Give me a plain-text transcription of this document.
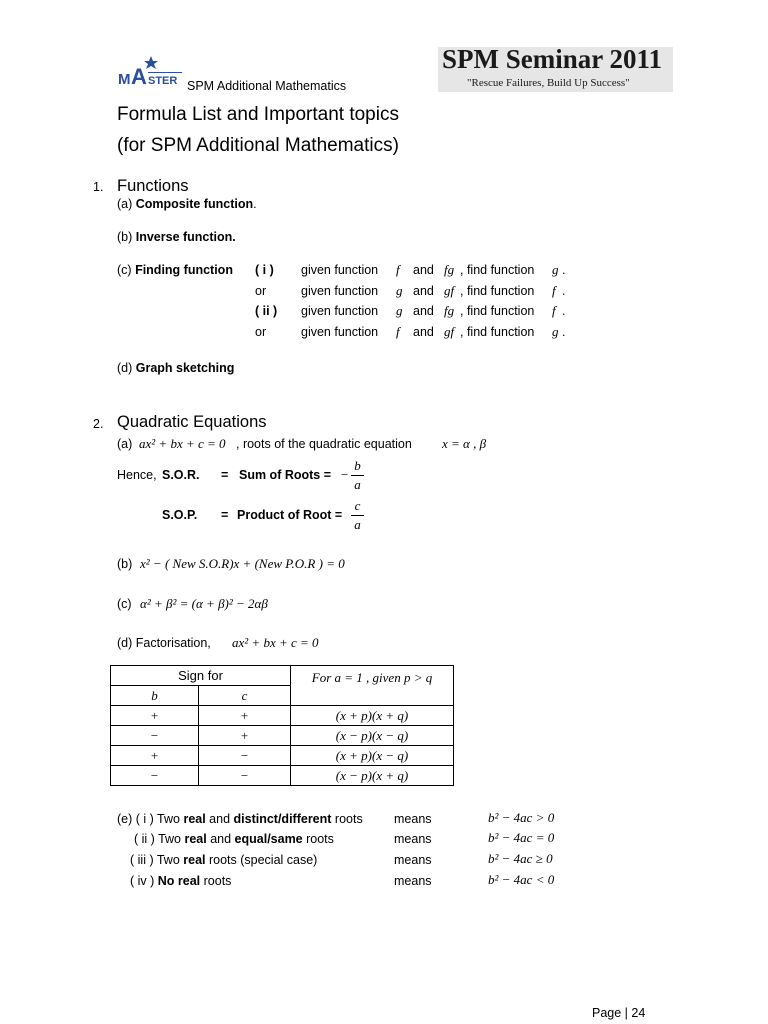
M A STER SPM Additional Mathematics
SPM Seminar 2011
"Rescue Failures, Build Up Success"
Formula List and Important topics
(for SPM Additional Mathematics)
1. Functions
(a) Composite function.
(b) Inverse function.
(c) Finding function ( i ) given function f and fg , find function g .
or	given function g and gf , find function f .
( ii ) given function g and fg , find function f .
or	given function f and gf , find function g .
(d) Graph sketching
2. Quadratic Equations
(a) ax² + bx + c = 0 , roots of the quadratic equation x = α , β
Hence, S.O.R. = Sum of Roots = −
b
a
S.O.P. = Product of Root =
c
a
(b) x² − ( New S.O.R)x + (New P.O.R ) = 0
(c) α² + β² = (α + β)² − 2αβ
(d) Factorisation, ax² + bx + c = 0
Sign for		For a = 1 , given p > q
b	c	
+	+	(x + p)(x + q)
−	+	(x − p)(x − q)
+	−	(x + p)(x − q)
−	−	(x − p)(x + q)
(e) ( i ) Two real and distinct/different roots	means	b² − 4ac > 0
( ii ) Two real and equal/same roots	means	b² − 4ac = 0
( iii ) Two real roots (special case)	means	b² − 4ac ≥ 0
( iv ) No real roots	means	b² − 4ac < 0
Page | 24
